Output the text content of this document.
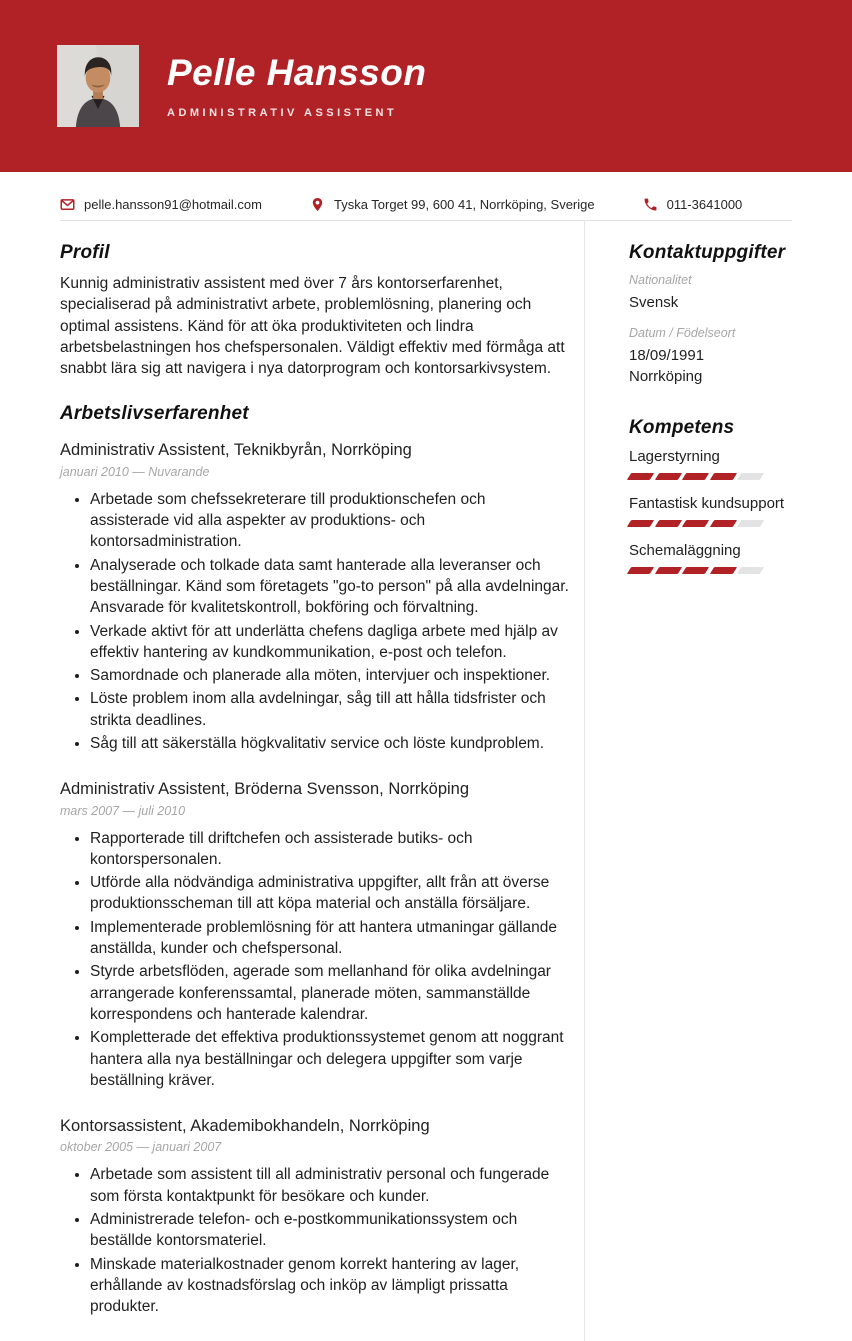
Pelle Hansson
ADMINISTRATIV ASSISTENT
pelle.hansson91@hotmail.com	Tyska Torget 99, 600 41, Norrköping, Sverige	011-3641000
Profil
Kunnig administrativ assistent med över 7 års kontorserfarenhet, specialiserad på administrativt arbete, problemlösning, planering och optimal assistens. Känd för att öka produktiviteten och lindra arbetsbelastningen hos chefspersonalen. Väldigt effektiv med förmåga att snabbt lära sig att navigera i nya datorprogram och kontorsarkivsystem.
Arbetslivserfarenhet
Administrativ Assistent, Teknikbyrån, Norrköping
januari 2010 — Nuvarande
• Arbetade som chefssekreterare till produktionschefen och assisterade vid alla aspekter av produktions- och kontorsadministration.
• Analyserade och tolkade data samt hanterade alla leveranser och beställningar. Känd som företagets "go-to person" på alla avdelningar. Ansvarade för kvalitetskontroll, bokföring och förvaltning.
• Verkade aktivt för att underlätta chefens dagliga arbete med hjälp av effektiv hantering av kundkommunikation, e-post och telefon.
• Samordnade och planerade alla möten, intervjuer och inspektioner.
• Löste problem inom alla avdelningar, såg till att hålla tidsfrister och strikta deadlines.
• Såg till att säkerställa högkvalitativ service och löste kundproblem.
Administrativ Assistent, Bröderna Svensson, Norrköping
mars 2007 — juli 2010
• Rapporterade till driftchefen och assisterade butiks- och kontorspersonalen.
• Utförde alla nödvändiga administrativa uppgifter, allt från att överse produktionsscheman till att köpa material och anställa försäljare.
• Implementerade problemlösning för att hantera utmaningar gällande anställda, kunder och chefspersonal.
• Styrde arbetsflöden, agerade som mellanhand för olika avdelningar arrangerade konferenssamtal, planerade möten, sammanställde korrespondens och hanterade kalendrar.
• Kompletterade det effektiva produktionssystemet genom att noggrant hantera alla nya beställningar och delegera uppgifter som varje beställning kräver.
Kontorsassistent, Akademibokhandeln, Norrköping
oktober 2005 — januari 2007
• Arbetade som assistent till all administrativ personal och fungerade som första kontaktpunkt för besökare och kunder.
• Administrerade telefon- och e-postkommunikationssystem och beställde kontorsmateriel.
• Minskade materialkostnader genom korrekt hantering av lager, erhållande av kostnadsförslag och inköp av lämpligt prissatta produkter.
Kontaktuppgifter
Nationalitet
Svensk
Datum / Födelseort
18/09/1991
Norrköping
Kompetens
Lagerstyrning
Fantastisk kundsupport
Schemaläggning
